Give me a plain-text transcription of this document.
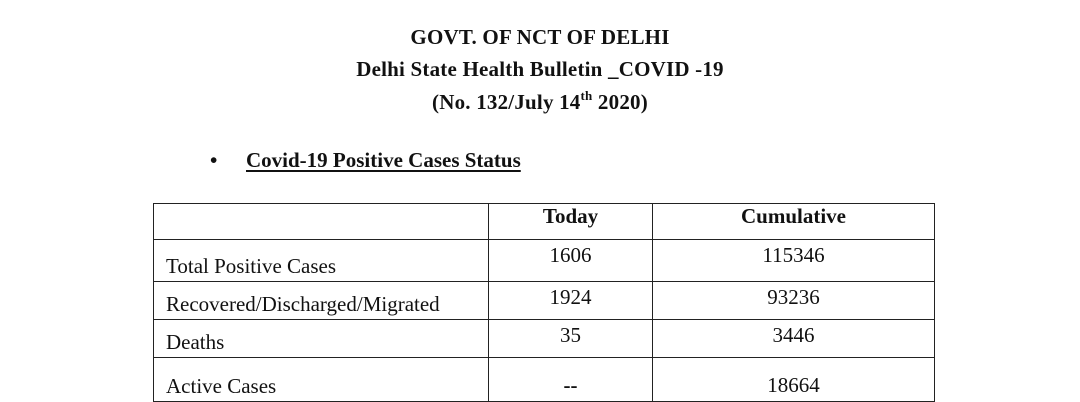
GOVT. OF NCT OF DELHI
Delhi State Health Bulletin _COVID -19
(No. 132/July 14th 2020)
• Covid-19 Positive Cases Status
	Today	Cumulative
Total Positive Cases	1606	115346
Recovered/Discharged/Migrated	1924	93236
Deaths	35	3446
Active Cases	--	18664
